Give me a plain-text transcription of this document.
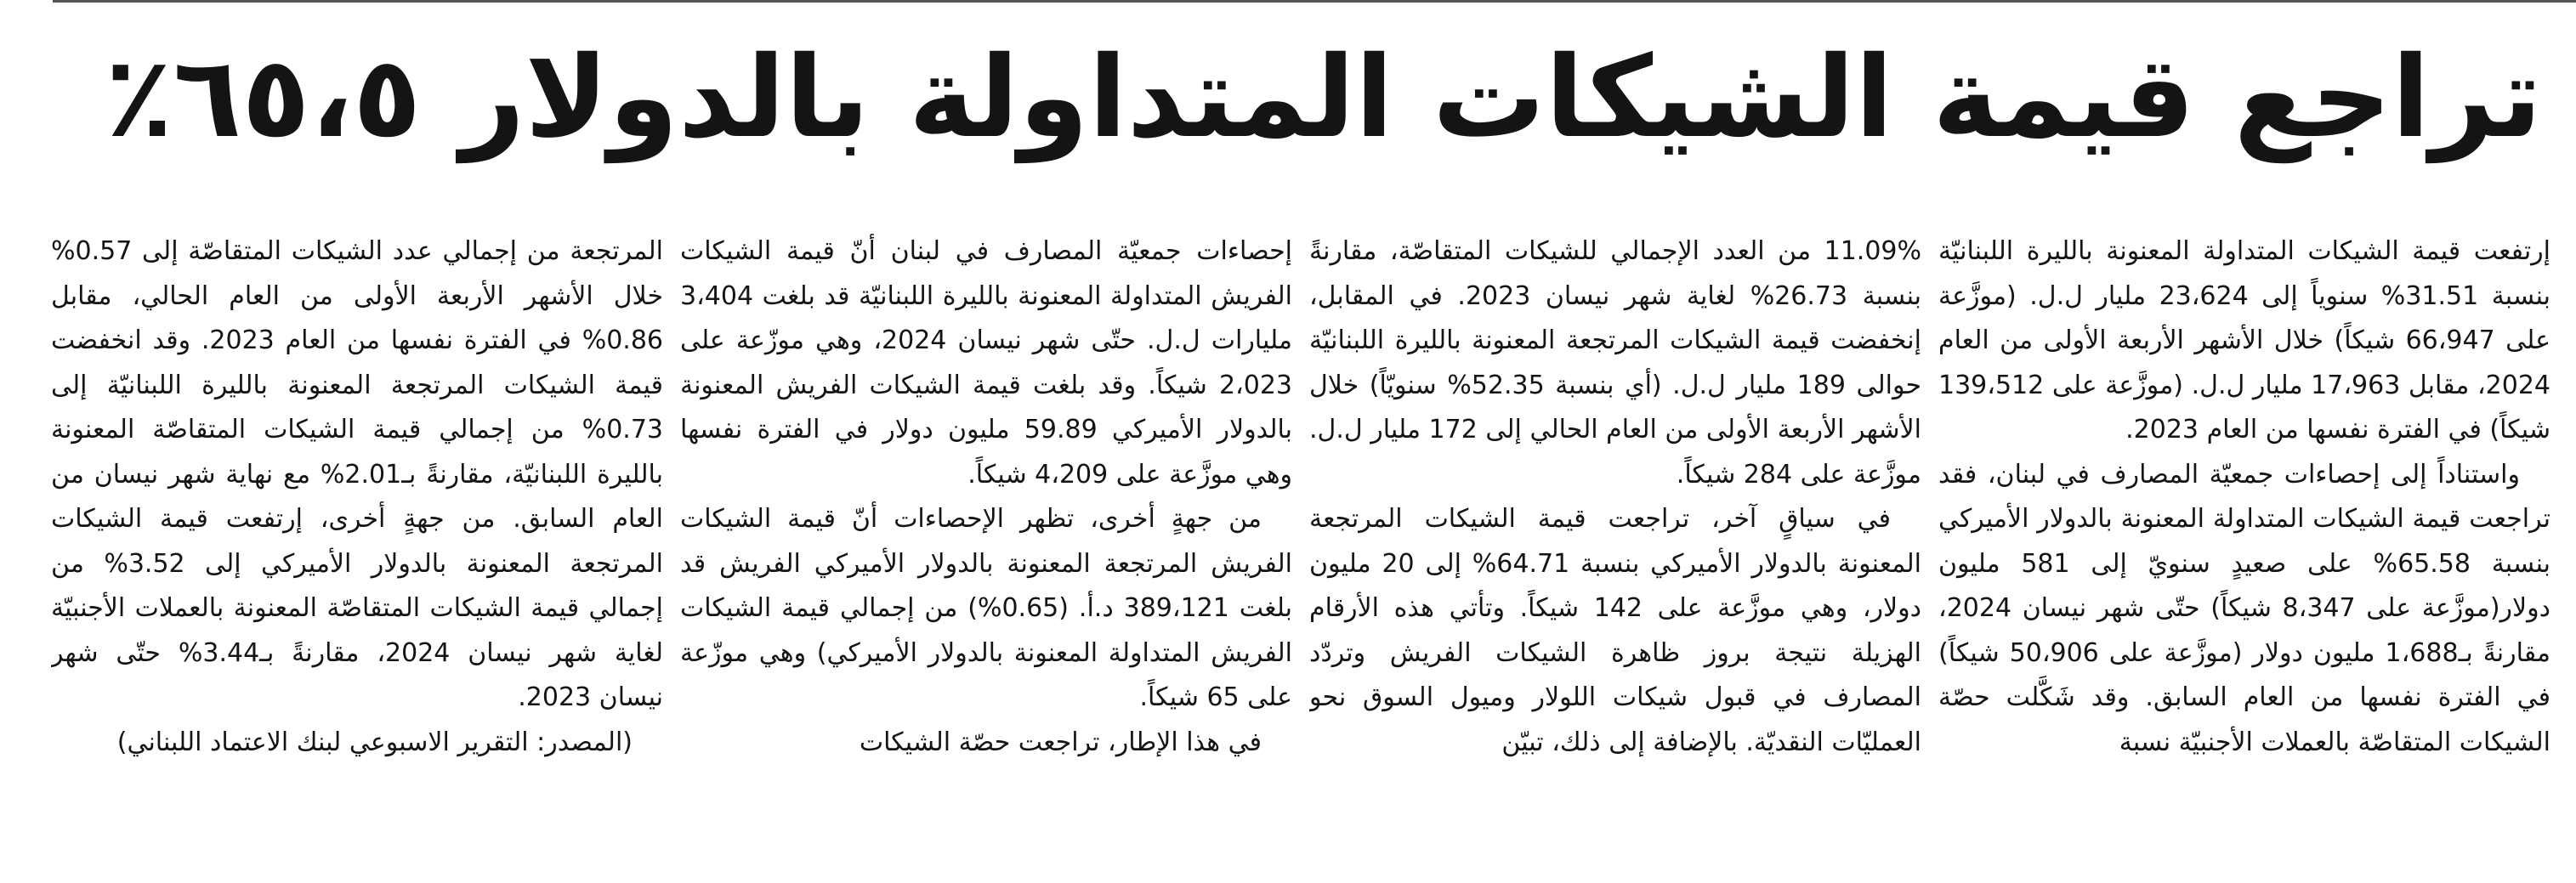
تراجع قيمة الشيكات المتداولة بالدولار ٦٥،٥٪

إرتفعت قيمة الشيكات المتداولة المعنونة بالليرة اللبنانيّة بنسبة 31.51% سنوياً إلى 23،624 مليار ل.ل. (موزَّعة على 66،947 شيكاً) خلال الأشهر الأربعة الأولى من العام 2024، مقابل 17،963 مليار ل.ل. (موزَّعة على 139،512 شيكاً) في الفترة نفسها من العام 2023.

واستناداً إلى إحصاءات جمعيّة المصارف في لبنان، فقد تراجعت قيمة الشيكات المتداولة المعنونة بالدولار الأميركي بنسبة 65.58% على صعيدٍ سنويّ إلى 581 مليون دولار(موزَّعة على 8،347 شيكاً) حتّى شهر نيسان 2024، مقارنةً بـ1،688 مليون دولار (موزَّعة على 50،906 شيكاً) في الفترة نفسها من العام السابق. وقد شَكَّلت حصّة الشيكات المتقاصّة بالعملات الأجنبيّة نسبة

11.09% من العدد الإجمالي للشيكات المتقاصّة، مقارنةً بنسبة 26.73% لغاية شهر نيسان 2023. في المقابل، إنخفضت قيمة الشيكات المرتجعة المعنونة بالليرة اللبنانيّة حوالى 189 مليار ل.ل. (أي بنسبة 52.35% سنويّاً) خلال الأشهر الأربعة الأولى من العام الحالي إلى 172 مليار ل.ل. موزَّعة على 284 شيكاً.

في سياقٍ آخر، تراجعت قيمة الشيكات المرتجعة المعنونة بالدولار الأميركي بنسبة 64.71% إلى 20 مليون دولار، وهي موزَّعة على 142 شيكاً. وتأتي هذه الأرقام الهزيلة نتيجة بروز ظاهرة الشيكات الفريش وتردّد المصارف في قبول شيكات اللولار وميول السوق نحو العمليّات النقديّة. بالإضافة إلى ذلك، تبيّن

إحصاءات جمعيّة المصارف في لبنان أنّ قيمة الشيكات الفريش المتداولة المعنونة بالليرة اللبنانيّة قد بلغت 3،404 مليارات ل.ل. حتّى شهر نيسان 2024، وهي موزّعة على 2،023 شيكاً. وقد بلغت قيمة الشيكات الفريش المعنونة بالدولار الأميركي 59.89 مليون دولار في الفترة نفسها وهي موزَّعة على 4،209 شيكاً.

من جهةٍ أخرى، تظهر الإحصاءات أنّ قيمة الشيكات الفريش المرتجعة المعنونة بالدولار الأميركي الفريش قد بلغت 389،121 د.أ. (0.65%) من إجمالي قيمة الشيكات الفريش المتداولة المعنونة بالدولار الأميركي) وهي موزّعة على 65 شيكاً.

في هذا الإطار، تراجعت حصّة الشيكات

المرتجعة من إجمالي عدد الشيكات المتقاصّة إلى 0.57% خلال الأشهر الأربعة الأولى من العام الحالي، مقابل 0.86% في الفترة نفسها من العام 2023. وقد انخفضت قيمة الشيكات المرتجعة المعنونة بالليرة اللبنانيّة إلى 0.73% من إجمالي قيمة الشيكات المتقاصّة المعنونة بالليرة اللبنانيّة، مقارنةً بـ2.01% مع نهاية شهر نيسان من العام السابق. من جهةٍ أخرى، إرتفعت قيمة الشيكات المرتجعة المعنونة بالدولار الأميركي إلى 3.52% من إجمالي قيمة الشيكات المتقاصّة المعنونة بالعملات الأجنبيّة لغاية شهر نيسان 2024، مقارنةً بـ3.44% حتّى شهر نيسان 2023.

(المصدر: التقرير الاسبوعي لبنك الاعتماد اللبناني)
